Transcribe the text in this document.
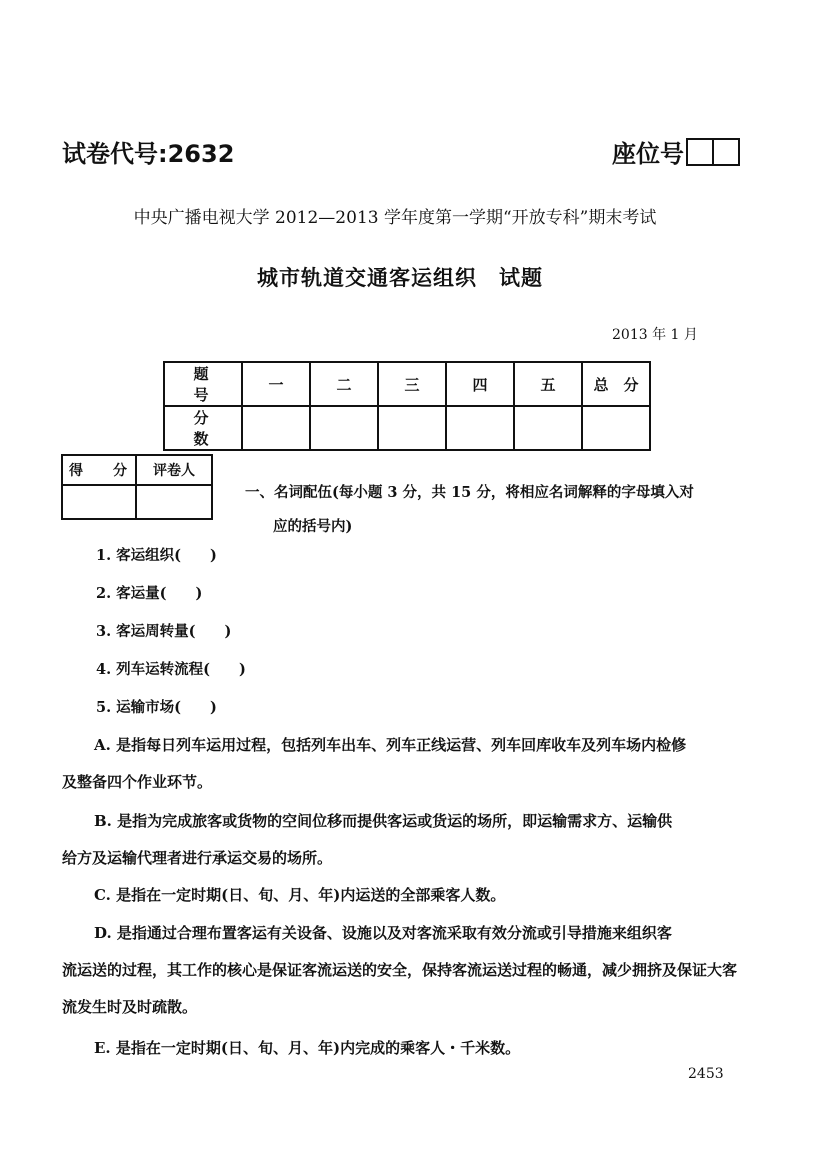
试卷代号:2632	座位号
中央广播电视大学 2012—2013 学年度第一学期“开放专科”期末考试
城市轨道交通客运组织　试题
2013 年 1 月
题　号	一	二	三	四	五	总　分
分　数						
得　分	评卷人

一、名词配伍(每小题 3 分，共 15 分，将相应名词解释的字母填入对
应的括号内)
1. 客运组织(　　)
2. 客运量(　　)
3. 客运周转量(　　)
4. 列车运转流程(　　)
5. 运输市场(　　)
A. 是指每日列车运用过程，包括列车出车、列车正线运营、列车回库收车及列车场内检修
及整备四个作业环节。
B. 是指为完成旅客或货物的空间位移而提供客运或货运的场所，即运输需求方、运输供
给方及运输代理者进行承运交易的场所。
C. 是指在一定时期(日、旬、月、年)内运送的全部乘客人数。
D. 是指通过合理布置客运有关设备、设施以及对客流采取有效分流或引导措施来组织客
流运送的过程，其工作的核心是保证客流运送的安全，保持客流运送过程的畅通，减少拥挤及保证大客流发生时及时疏散。
E. 是指在一定时期(日、旬、月、年)内完成的乘客人・千米数。
2453
